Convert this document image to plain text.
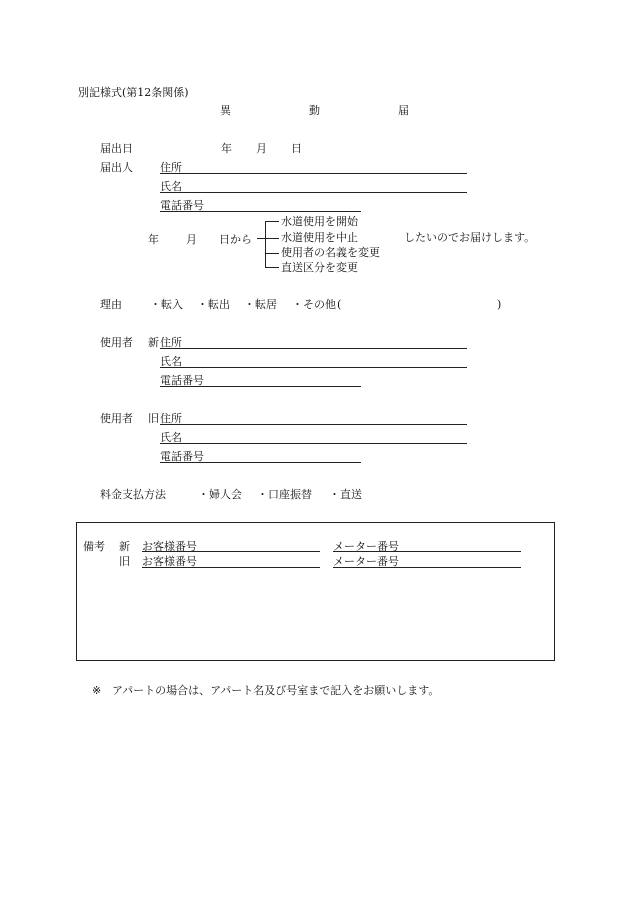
別記様式(第12条関係)
異	動	届
届出日	年 月 日
届出人 住所
氏名
電話番号
年 月 日から
水道使用を開始
水道使用を中止
使用者の名義を変更
直送区分を変更
したいのでお届けします。
理由	・転入 ・転出 ・転居 ・その他 (	)
使用者 新 住所
氏名
電話番号
使用者 旧 住所
氏名
電話番号
料金支払方法	・婦人会 ・口座振替 ・直送
備考 新 お客様番号	メーター番号
旧 お客様番号	メーター番号
※ アパートの場合は、アパート名及び号室まで記入をお願いします。
